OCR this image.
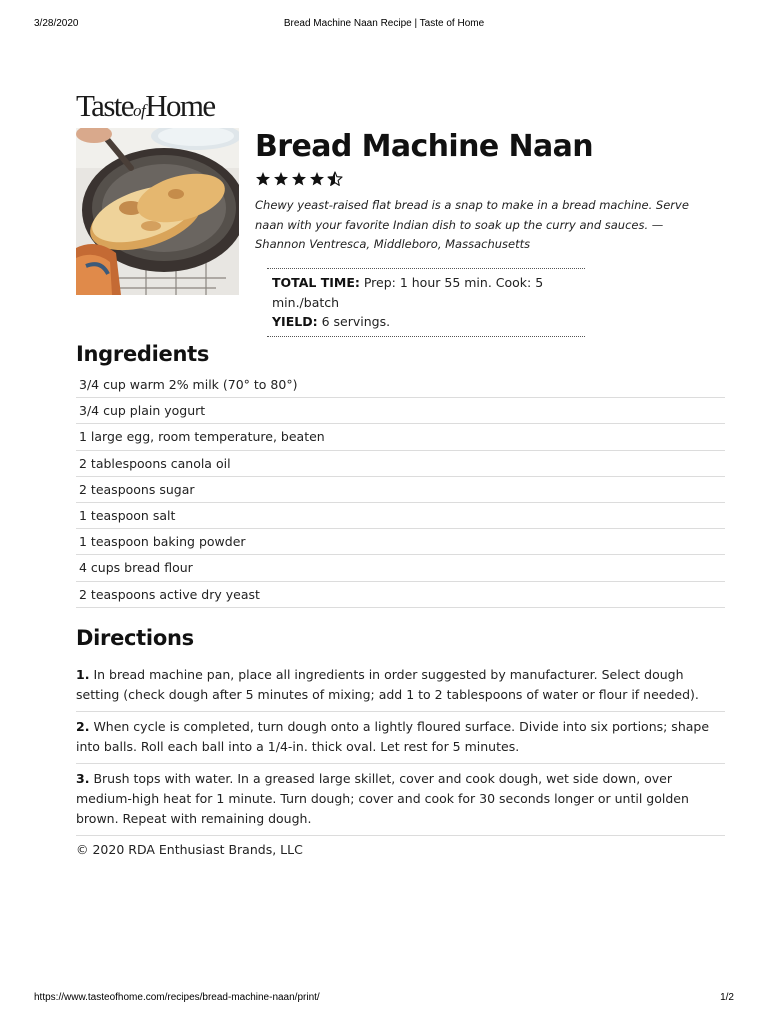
3/28/2020	Bread Machine Naan Recipe | Taste of Home
TasteofHome
Bread Machine Naan

Chewy yeast-raised flat bread is a snap to make in a bread machine. Serve naan with your favorite Indian dish to soak up the curry and sauces. —Shannon Ventresca, Middleboro, Massachusetts

TOTAL TIME: Prep: 1 hour 55 min. Cook: 5 min./batch
YIELD: 6 servings.
Ingredients
3/4 cup warm 2% milk (70° to 80°)
3/4 cup plain yogurt
1 large egg, room temperature, beaten
2 tablespoons canola oil
2 teaspoons sugar
1 teaspoon salt
1 teaspoon baking powder
4 cups bread flour
2 teaspoons active dry yeast
Directions
1. In bread machine pan, place all ingredients in order suggested by manufacturer. Select dough setting (check dough after 5 minutes of mixing; add 1 to 2 tablespoons of water or flour if needed).
2. When cycle is completed, turn dough onto a lightly floured surface. Divide into six portions; shape into balls. Roll each ball into a 1/4-in. thick oval. Let rest for 5 minutes.
3. Brush tops with water. In a greased large skillet, cover and cook dough, wet side down, over medium-high heat for 1 minute. Turn dough; cover and cook for 30 seconds longer or until golden brown. Repeat with remaining dough.

© 2020 RDA Enthusiast Brands, LLC

https://www.tasteofhome.com/recipes/bread-machine-naan/print/	1/2
